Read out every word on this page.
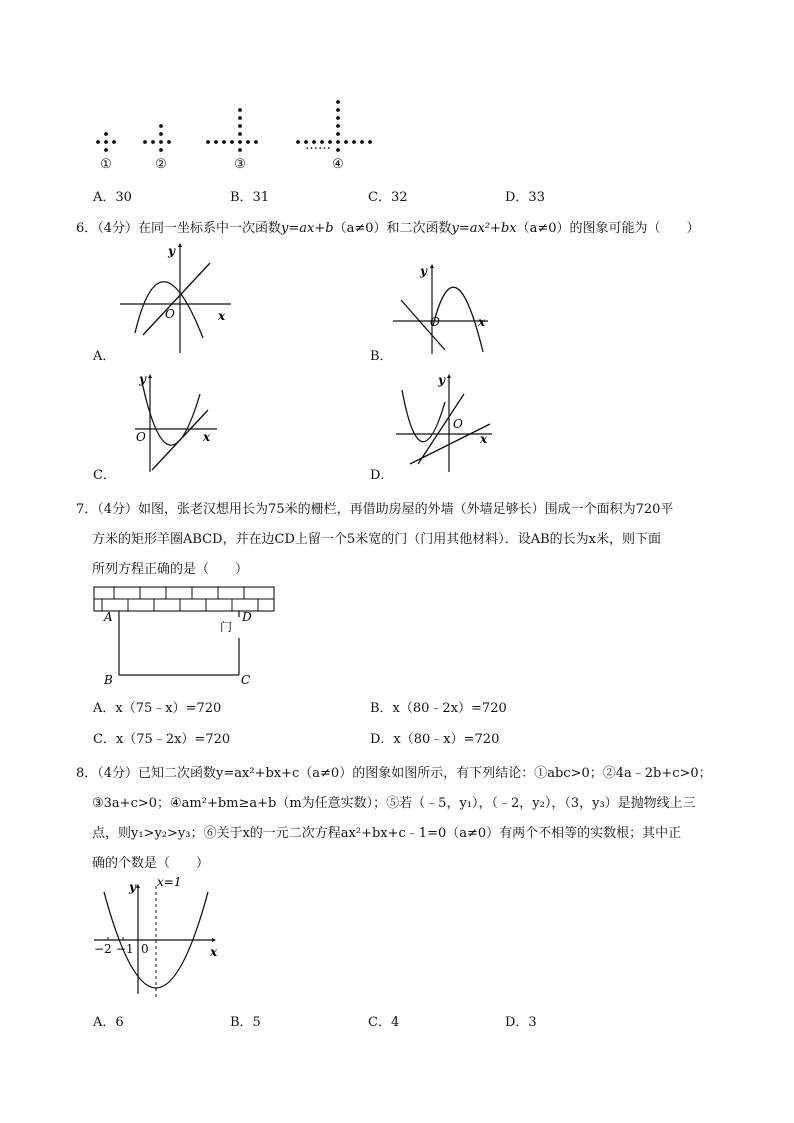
……
①	②	③	④
A．30	B．31	C．32	D．33
6．（4分）在同一坐标系中一次函数y=ax+b（a≠0）和二次函数y=ax²+bx（a≠0）的图象可能为（　　）
y
x
O
A．
y
x
O
B．
y
x
O
C．
y
x
O
D．
7．（4分）如图，张老汉想用长为75米的栅栏，再借助房屋的外墙（外墙足够长）围成一个面积为720平
方米的矩形羊圈ABCD，并在边CD上留一个5米宽的门（门用其他材料）．设AB的长为x米，则下面
所列方程正确的是（　　）
A	D
B	C
门
A．x（75﹣x）=720	B．x（80﹣2x）=720
C．x（75﹣2x）=720	D．x（80﹣x）=720
8．（4分）已知二次函数y=ax²+bx+c（a≠0）的图象如图所示，有下列结论：①abc>0；②4a﹣2b+c>0；
③3a+c>0；④am²+bm≥a+b（m为任意实数）；⑤若（﹣5，y₁），（﹣2，y₂），（3，y₃）是抛物线上三
点，则y₁>y₂>y₃；⑥关于x的一元二次方程ax²+bx+c﹣1=0（a≠0）有两个不相等的实数根；其中正
确的个数是（　　）
y x=1
x
−2 −1 0
A．6	B．5	C．4	D．3
